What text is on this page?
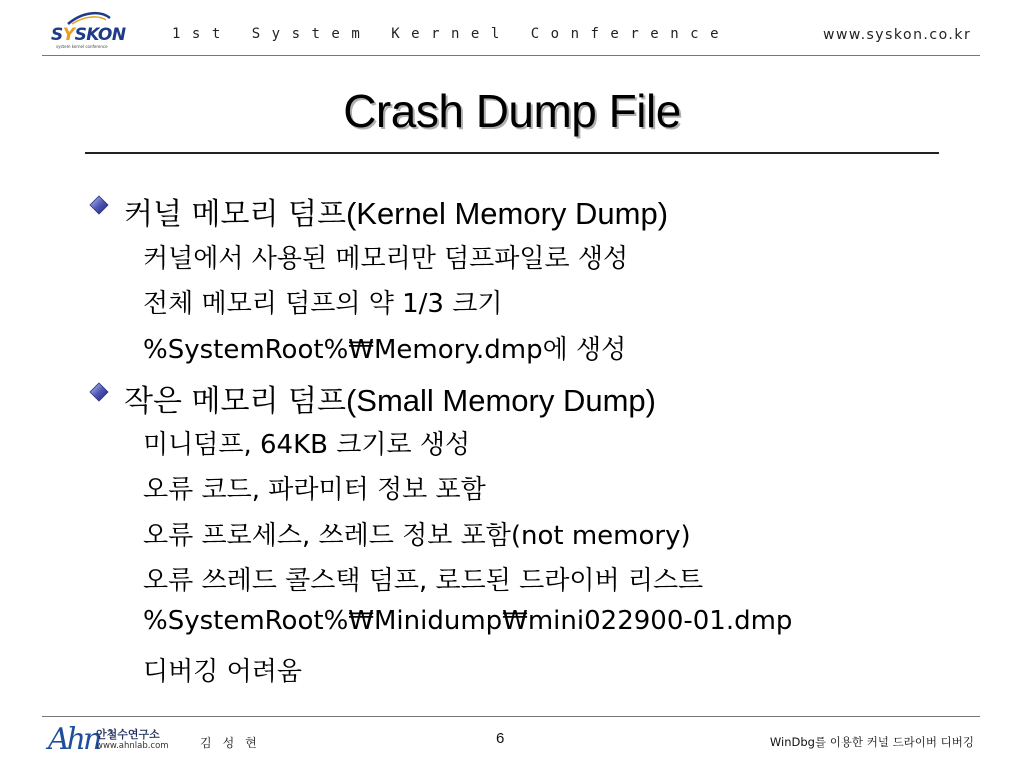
SYSKON
system kernel conference
1st System Kernel Conference	www.syskon.co.kr
Crash Dump File
커널 메모리 덤프(Kernel Memory Dump)
커널에서 사용된 메모리만 덤프파일로 생성
전체 메모리 덤프의 약 1/3 크기
%SystemRoot%₩Memory.dmp에 생성
작은 메모리 덤프(Small Memory Dump)
미니덤프, 64KB 크기로 생성
오류 코드, 파라미터 정보 포함
오류 프로세스, 쓰레드 정보 포함(not memory)
오류 쓰레드 콜스택 덤프, 로드된 드라이버 리스트
%SystemRoot%₩Minidump₩mini022900-01.dmp
디버깅 어려움
Ahn
안철수연구소
www.ahnlab.com	김성현	6	WinDbg를 이용한 커널 드라이버 디버깅
